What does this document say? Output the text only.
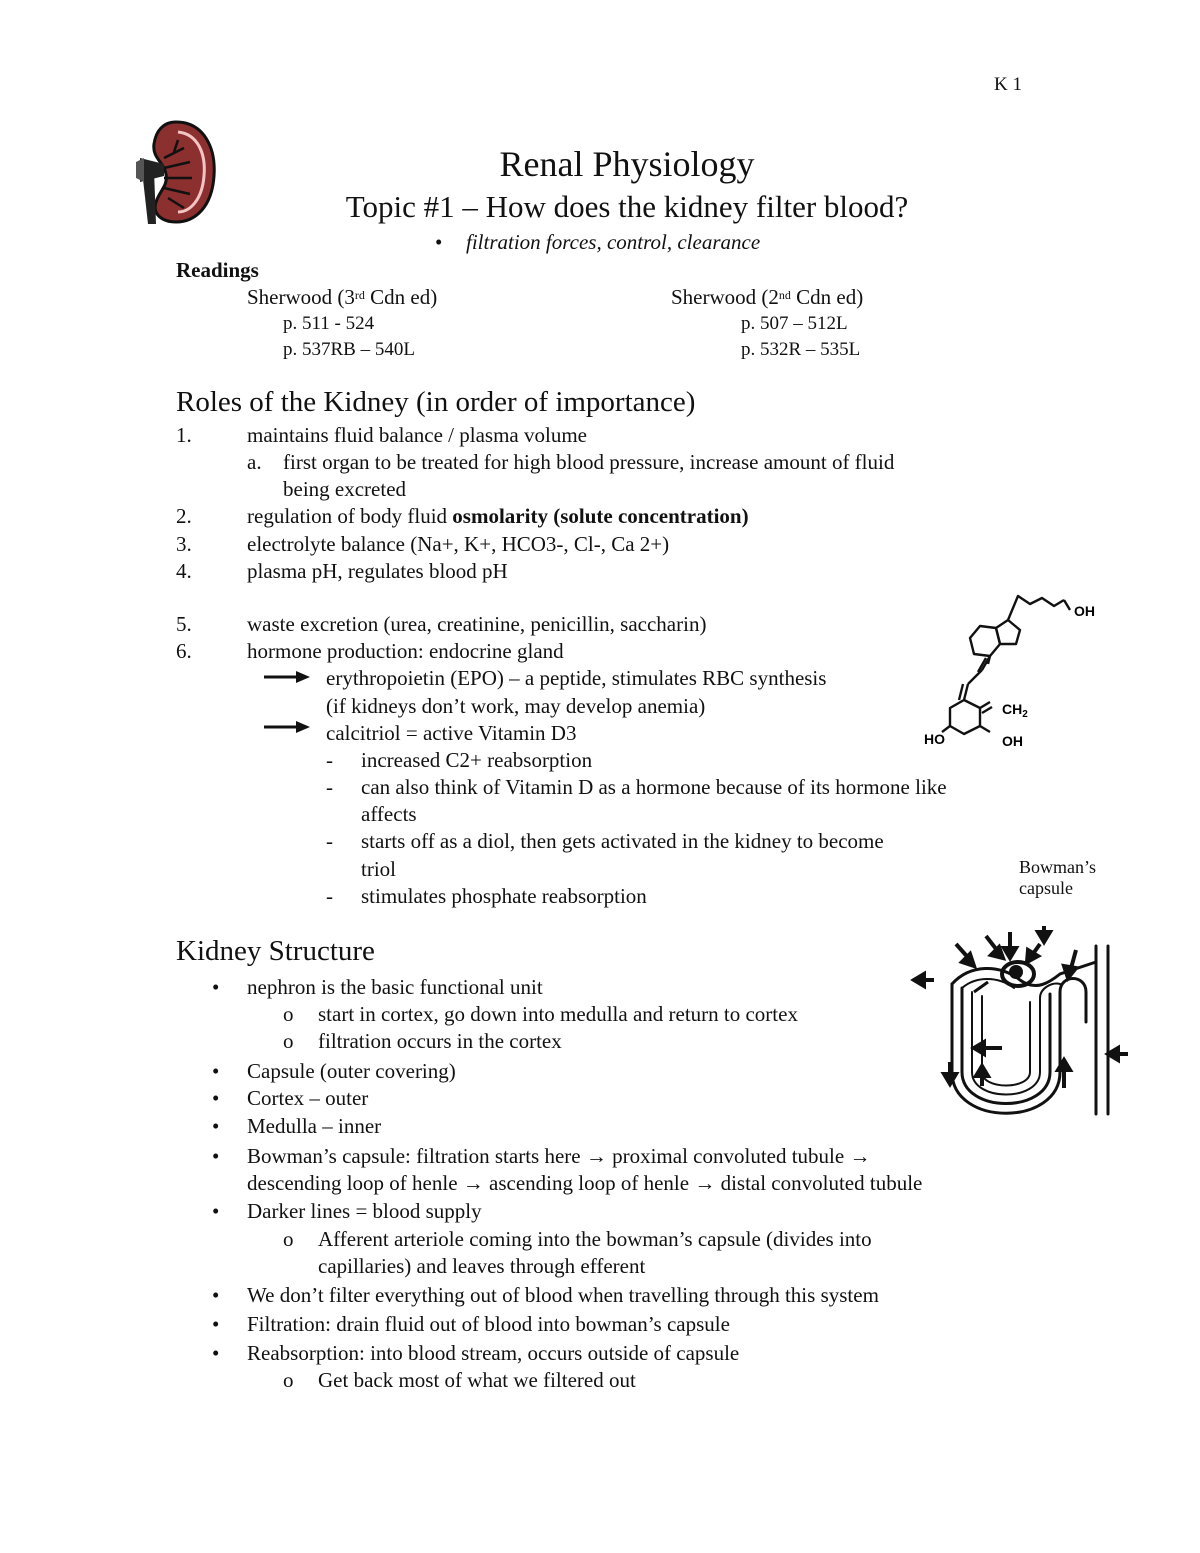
K 1
Renal Physiology
Topic #1 – How does the kidney filter blood?
• filtration forces, control, clearance
Readings
Sherwood (3rd Cdn ed)
p. 511 - 524
p. 537RB – 540L
Sherwood (2nd Cdn ed)
p. 507 – 512L
p. 532R – 535L
Roles of the Kidney (in order of importance)
1.	maintains fluid balance / plasma volume
a. first organ to be treated for high blood pressure, increase amount of fluid
being excreted
2.	regulation of body fluid osmolarity (solute concentration)
3.	electrolyte balance (Na+, K+, HCO3-, Cl-, Ca 2+)
4.	plasma pH, regulates blood pH
5.	waste excretion (urea, creatinine, penicillin, saccharin)
6.	hormone production: endocrine gland
erythropoietin (EPO) – a peptide, stimulates RBC synthesis
(if kidneys don’t work, may develop anemia)
calcitriol = active Vitamin D3
- increased C2+ reabsorption
- can also think of Vitamin D as a hormone because of its hormone like
affects
- starts off as a diol, then gets activated in the kidney to become
triol
- stimulates phosphate reabsorption
OH
$CH_2$
HO	OH
Bowman’s
capsule
Kidney Structure
• nephron is the basic functional unit
o start in cortex, go down into medulla and return to cortex
o filtration occurs in the cortex
• Capsule (outer covering)
• Cortex – outer
• Medulla – inner
• Bowman’s capsule: filtration starts here → proximal convoluted tubule →
descending loop of henle → ascending loop of henle → distal convoluted tubule
• Darker lines = blood supply
o Afferent arteriole coming into the bowman’s capsule (divides into
capillaries) and leaves through efferent
• We don’t filter everything out of blood when travelling through this system
• Filtration: drain fluid out of blood into bowman’s capsule
• Reabsorption: into blood stream, occurs outside of capsule
o Get back most of what we filtered out
